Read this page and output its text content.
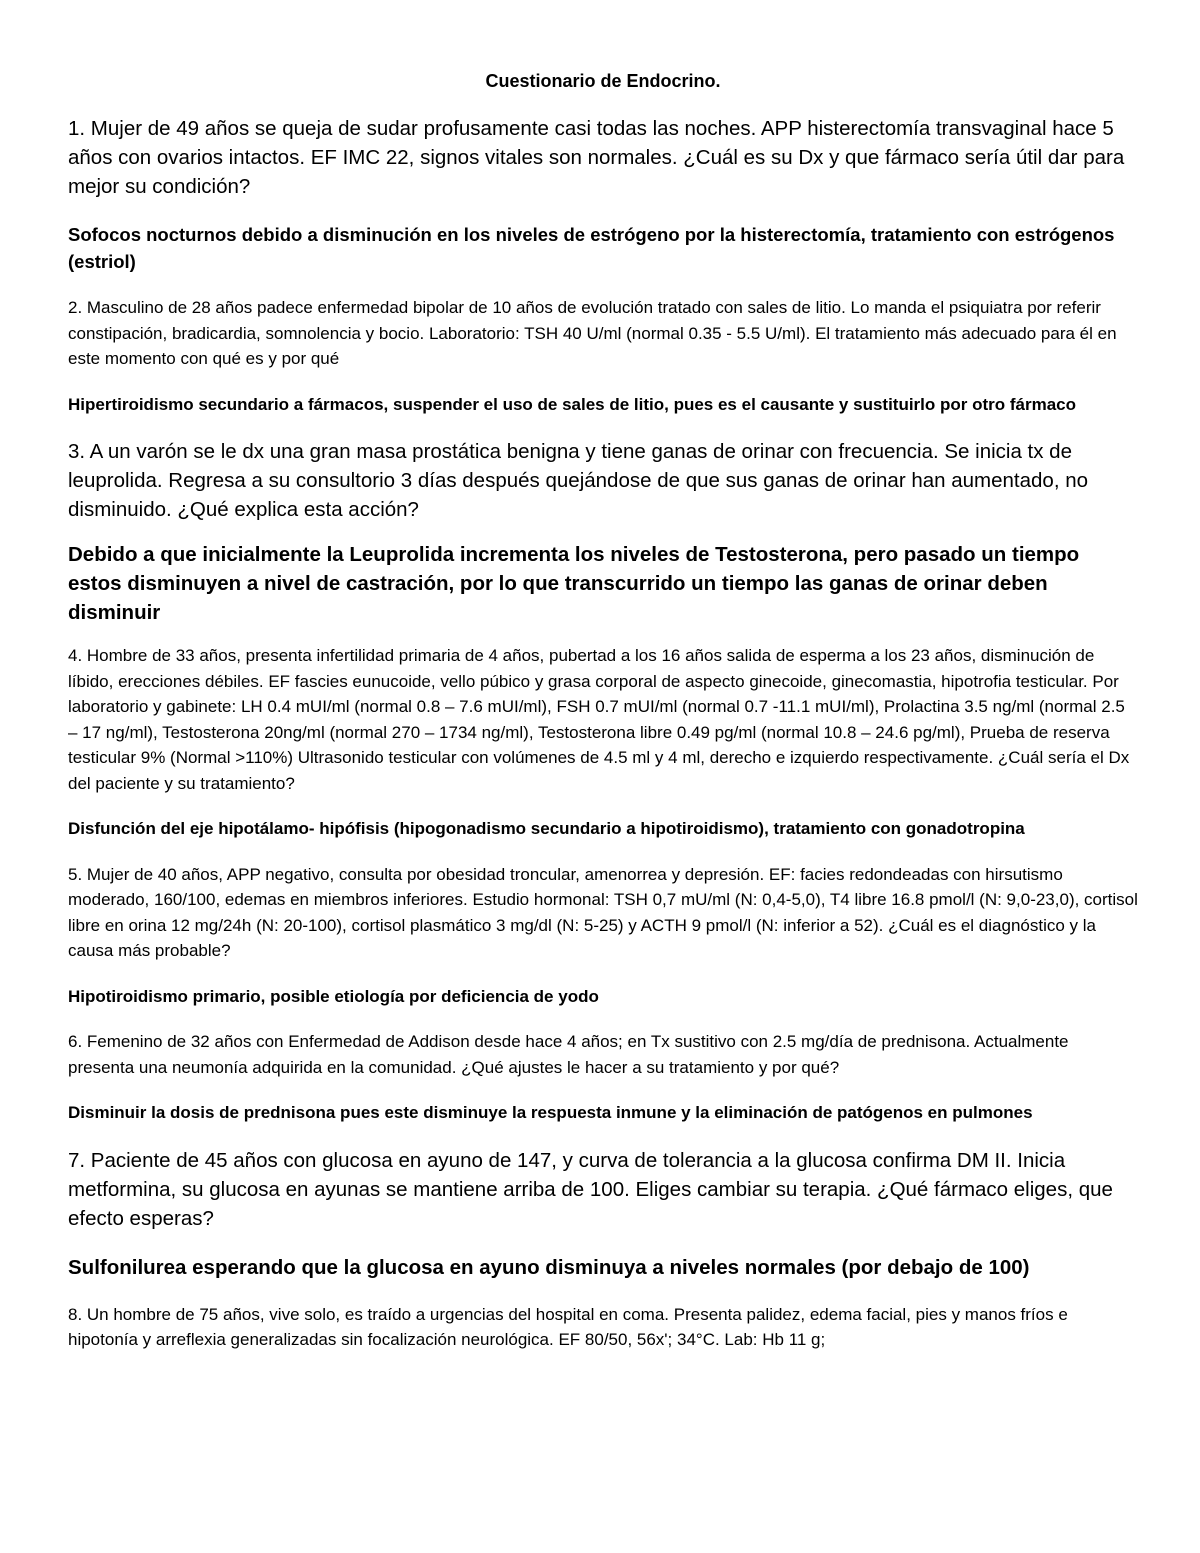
Cuestionario de Endocrino.

1. Mujer de 49 años se queja de sudar profusamente casi todas las noches. APP histerectomía transvaginal hace 5 años con ovarios intactos. EF IMC 22, signos vitales son normales. ¿Cuál es su Dx y que fármaco sería útil dar para mejor su condición?

Sofocos nocturnos debido a disminución en los niveles de estrógeno por la histerectomía, tratamiento con estrógenos (estriol)

2. Masculino de 28 años padece enfermedad bipolar de 10 años de evolución tratado con sales de litio. Lo manda el psiquiatra por referir constipación, bradicardia, somnolencia y bocio. Laboratorio: TSH 40 U/ml (normal 0.35 - 5.5 U/ml). El tratamiento más adecuado para él en este momento con qué es y por qué

Hipertiroidismo secundario a fármacos, suspender el uso de sales de litio, pues es el causante y sustituirlo por otro fármaco

3. A un varón se le dx una gran masa prostática benigna y tiene ganas de orinar con frecuencia. Se inicia tx de leuprolida. Regresa a su consultorio 3 días después quejándose de que sus ganas de orinar han aumentado, no disminuido. ¿Qué explica esta acción?

Debido a que inicialmente la Leuprolida incrementa los niveles de Testosterona, pero pasado un tiempo estos disminuyen a nivel de castración, por lo que transcurrido un tiempo las ganas de orinar deben disminuir

4. Hombre de 33 años, presenta infertilidad primaria de 4 años, pubertad a los 16 años salida de esperma a los 23 años, disminución de líbido, erecciones débiles. EF fascies eunucoide, vello púbico y grasa corporal de aspecto ginecoide, ginecomastia, hipotrofia testicular. Por laboratorio y gabinete: LH 0.4 mUI/ml (normal 0.8 – 7.6 mUI/ml), FSH 0.7 mUI/ml (normal 0.7 -11.1 mUI/ml), Prolactina 3.5 ng/ml (normal 2.5 – 17 ng/ml), Testosterona 20ng/ml (normal 270 – 1734 ng/ml), Testosterona libre 0.49 pg/ml (normal 10.8 – 24.6 pg/ml), Prueba de reserva testicular 9% (Normal >110%) Ultrasonido testicular con volúmenes de 4.5 ml y 4 ml, derecho e izquierdo respectivamente. ¿Cuál sería el Dx del paciente y su tratamiento?

Disfunción del eje hipotálamo- hipófisis (hipogonadismo secundario a hipotiroidismo), tratamiento con gonadotropina

5. Mujer de 40 años, APP negativo, consulta por obesidad troncular, amenorrea y depresión. EF: facies redondeadas con hirsutismo moderado, 160/100, edemas en miembros inferiores. Estudio hormonal: TSH 0,7 mU/ml (N: 0,4-5,0), T4 libre 16.8 pmol/l (N: 9,0-23,0), cortisol libre en orina 12 mg/24h (N: 20-100), cortisol plasmático 3 mg/dl (N: 5-25) y ACTH 9 pmol/l (N: inferior a 52). ¿Cuál es el diagnóstico y la causa más probable?

Hipotiroidismo primario, posible etiología por deficiencia de yodo

6. Femenino de 32 años con Enfermedad de Addison desde hace 4 años; en Tx sustitivo con 2.5 mg/día de prednisona. Actualmente presenta una neumonía adquirida en la comunidad. ¿Qué ajustes le hacer a su tratamiento y por qué?

Disminuir la dosis de prednisona pues este disminuye la respuesta inmune y la eliminación de patógenos en pulmones

7. Paciente de 45 años con glucosa en ayuno de 147, y curva de tolerancia a la glucosa confirma DM II. Inicia metformina, su glucosa en ayunas se mantiene arriba de 100. Eliges cambiar su terapia. ¿Qué fármaco eliges, que efecto esperas?

Sulfonilurea esperando que la glucosa en ayuno disminuya a niveles normales (por debajo de 100)

8. Un hombre de 75 años, vive solo, es traído a urgencias del hospital en coma. Presenta palidez, edema facial, pies y manos fríos e hipotonía y arreflexia generalizadas sin focalización neurológica. EF 80/50, 56x'; 34°C. Lab: Hb 11 g;
